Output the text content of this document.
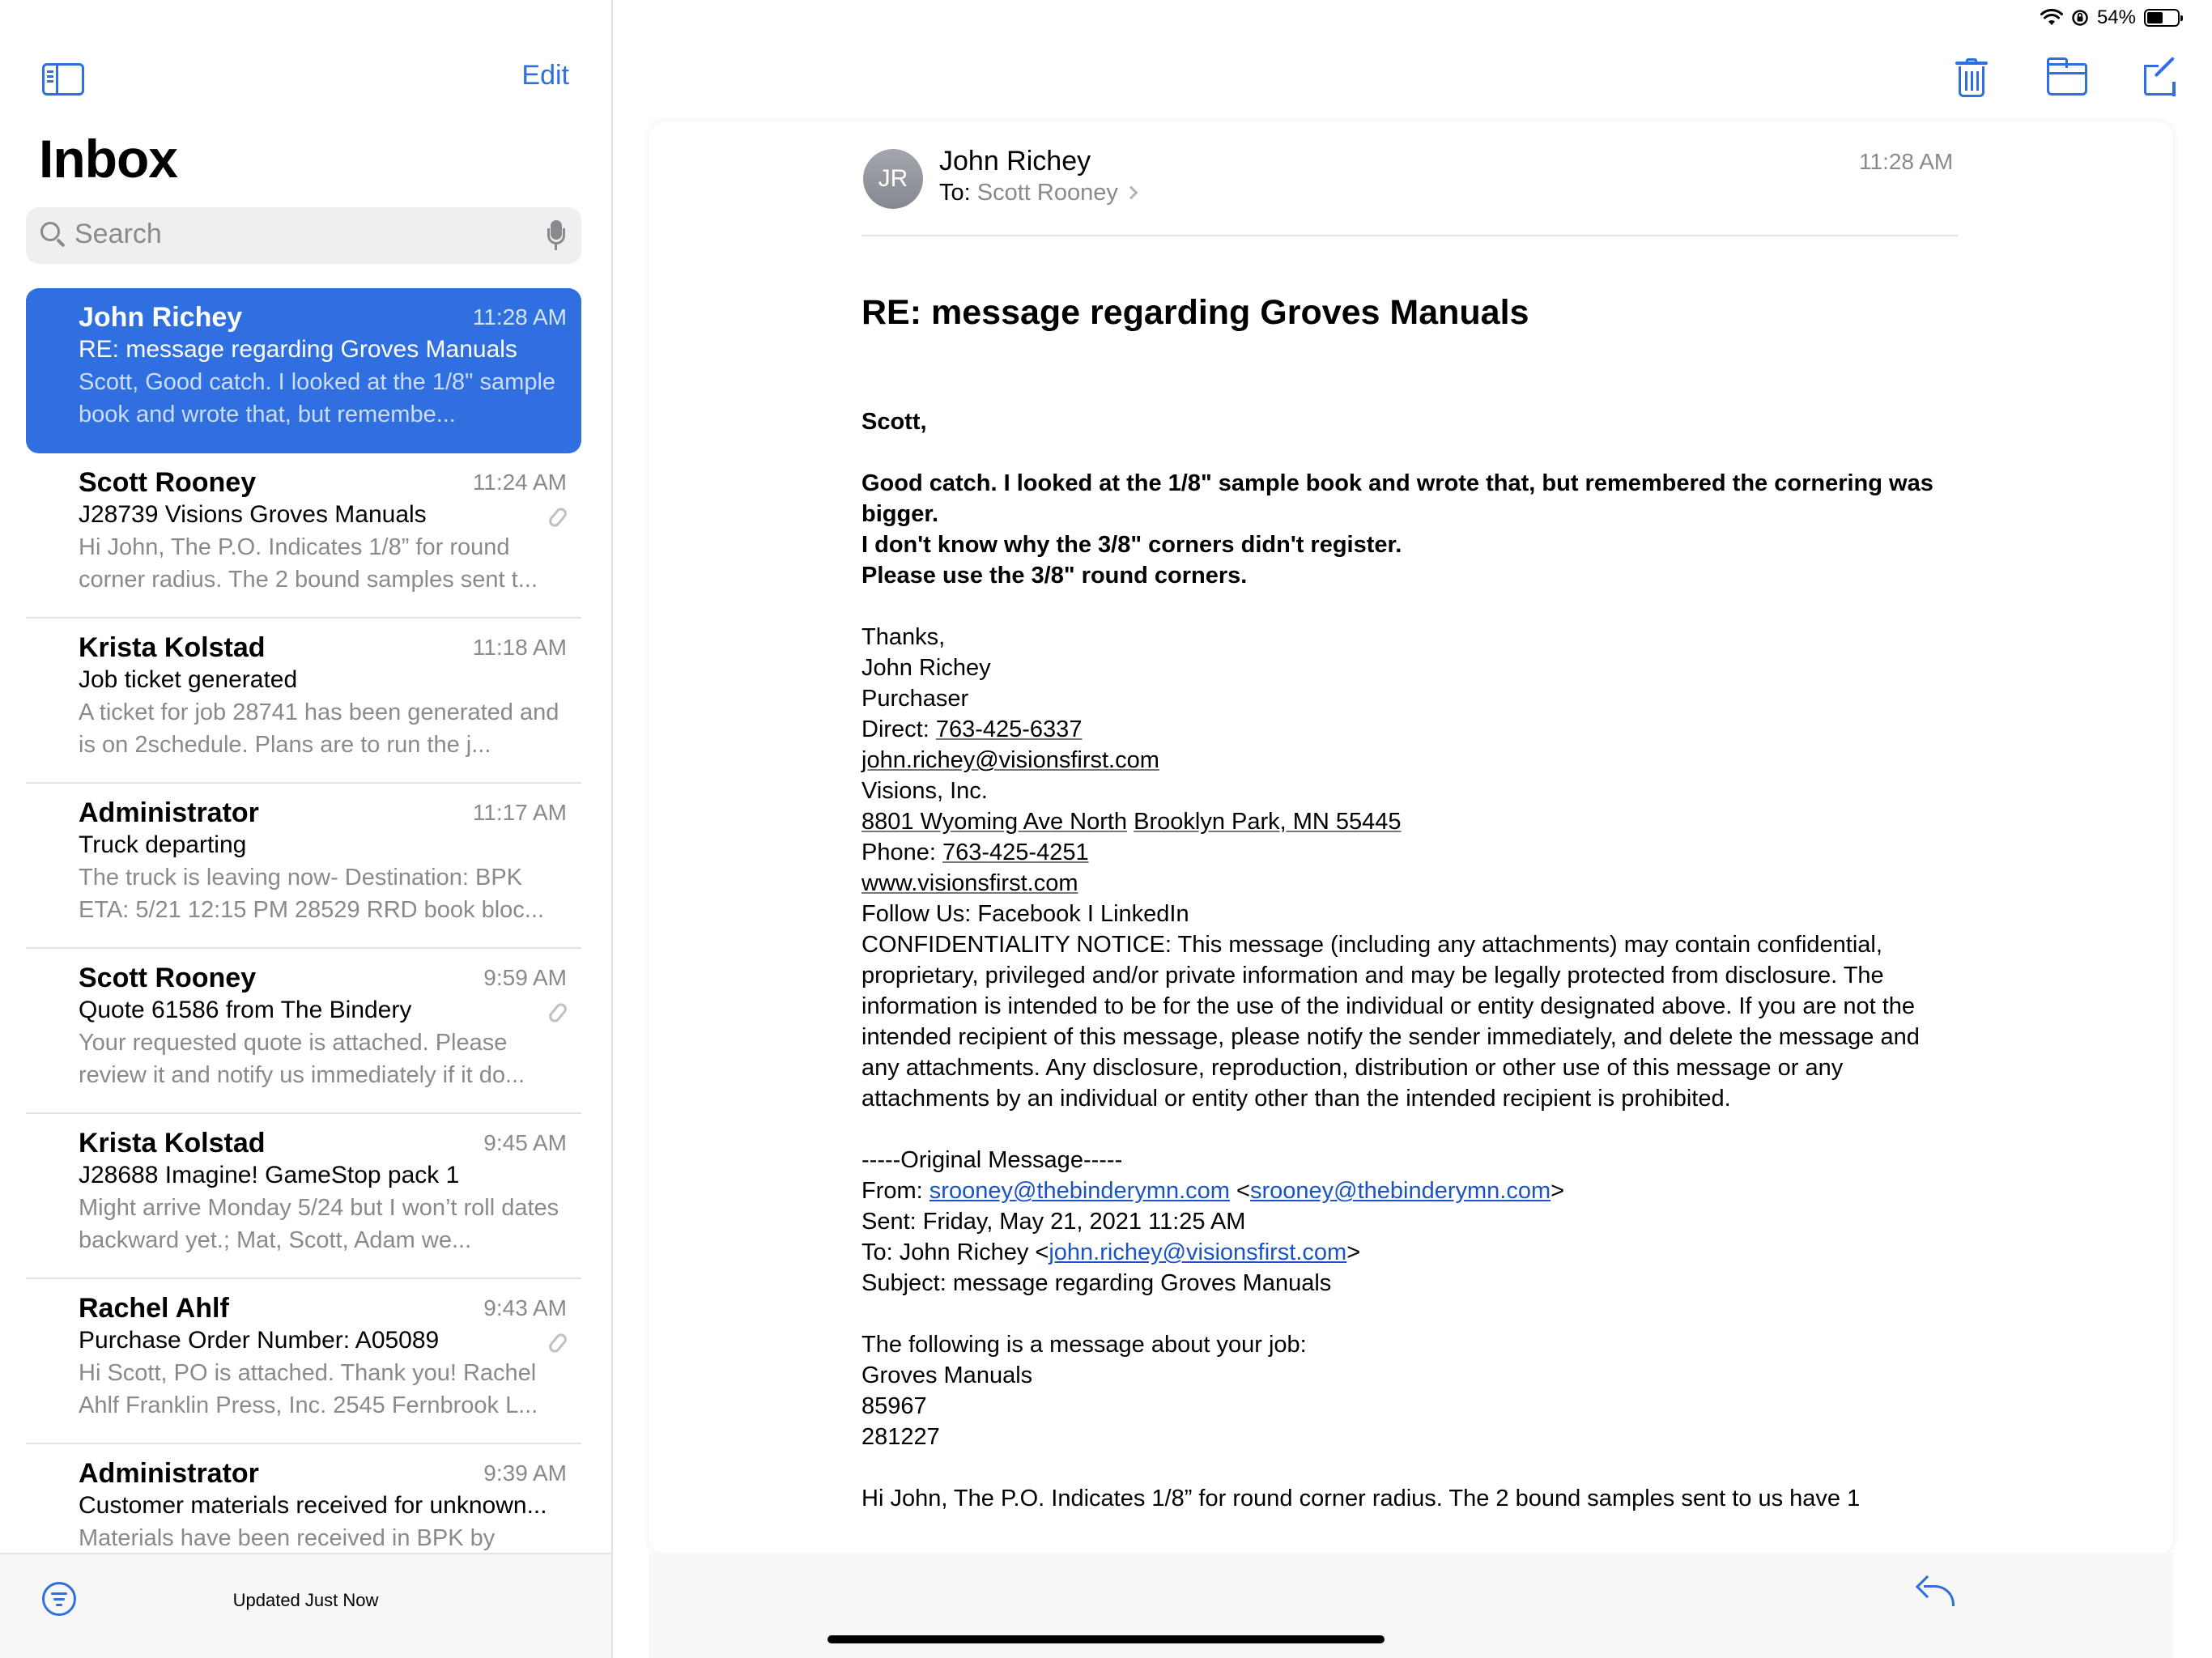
54%
Edit
Inbox
Search
John Richey	11:28 AM
RE: message regarding Groves Manuals
Scott, Good catch. I looked at the 1/8" sample book and wrote that, but remembe...
Scott Rooney	11:24 AM
J28739 Visions Groves Manuals
Hi John, The P.O. Indicates 1/8” for round corner radius. The 2 bound samples sent t...
Krista Kolstad	11:18 AM
Job ticket generated
A ticket for job 28741 has been generated and is on 2schedule. Plans are to run the j...
Administrator	11:17 AM
Truck departing
The truck is leaving now- Destination: BPK ETA: 5/21 12:15 PM 28529 RRD book bloc...
Scott Rooney	9:59 AM
Quote 61586 from The Bindery
Your requested quote is attached. Please review it and notify us immediately if it do...
Krista Kolstad	9:45 AM
J28688 Imagine! GameStop pack 1
Might arrive Monday 5/24 but I won’t roll dates backward yet.; Mat, Scott, Adam we...
Rachel Ahlf	9:43 AM
Purchase Order Number: A05089
Hi Scott, PO is attached. Thank you! Rachel Ahlf Franklin Press, Inc. 2545 Fernbrook L...
Administrator	9:39 AM
Customer materials received for unknown...
Materials have been received in BPK by
Updated Just Now
JR
John Richey
To: Scott Rooney
11:28 AM
RE: message regarding Groves Manuals
Scott,
Good catch. I looked at the 1/8" sample book and wrote that, but remembered the cornering was bigger.
I don't know why the 3/8" corners didn't register.
Please use the 3/8" round corners.
Thanks,
John Richey
Purchaser
Direct: 763-425-6337
john.richey@visionsfirst.com
Visions, Inc.
8801 Wyoming Ave North Brooklyn Park, MN 55445
Phone: 763-425-4251
www.visionsfirst.com
Follow Us: Facebook I LinkedIn
CONFIDENTIALITY NOTICE: This message (including any attachments) may contain confidential, proprietary, privileged and/or private information and may be legally protected from disclosure. The information is intended to be for the use of the individual or entity designated above. If you are not the intended recipient of this message, please notify the sender immediately, and delete the message and any attachments. Any disclosure, reproduction, distribution or other use of this message or any attachments by an individual or entity other than the intended recipient is prohibited.
-----Original Message-----
From: srooney@thebinderymn.com <srooney@thebinderymn.com>
Sent: Friday, May 21, 2021 11:25 AM
To: John Richey <john.richey@visionsfirst.com>
Subject: message regarding Groves Manuals
The following is a message about your job:
Groves Manuals
85967
281227
Hi John, The P.O. Indicates 1/8” for round corner radius. The 2 bound samples sent to us have 1
